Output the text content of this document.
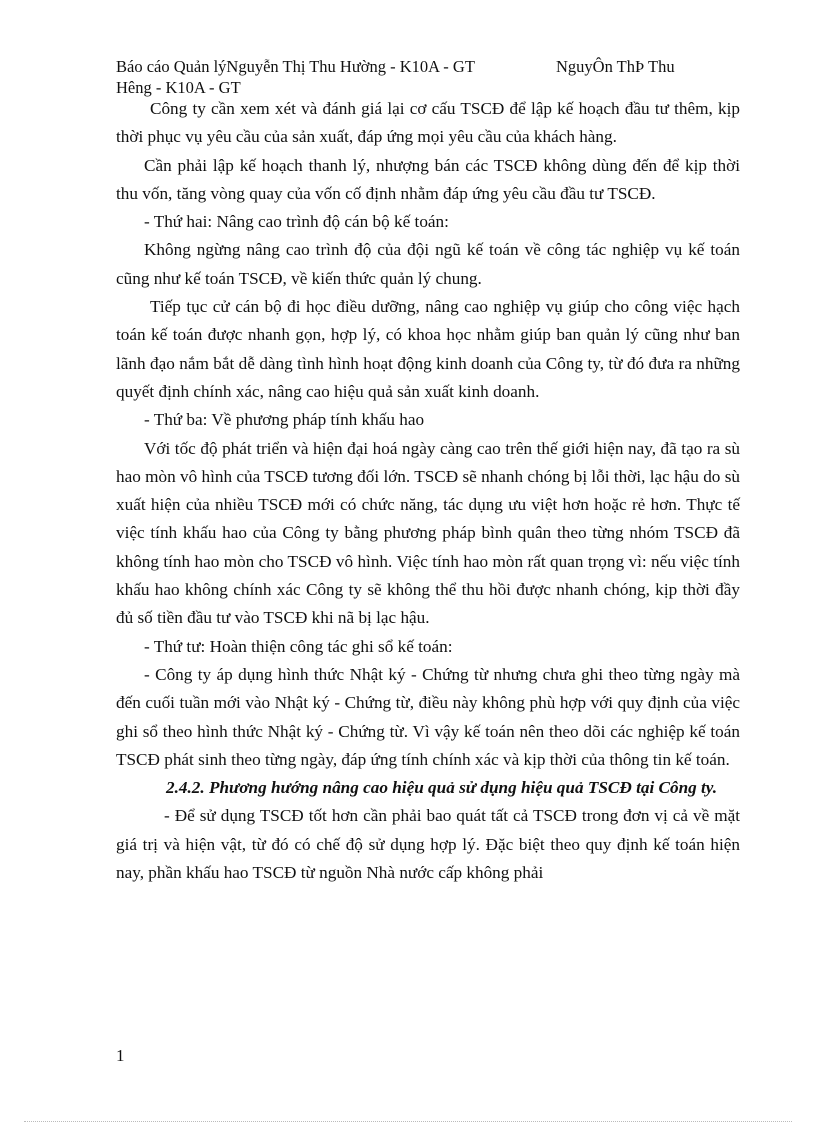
Báo cáo Quản lýNguyễn Thị Thu Hường - K10A - GT	NguyÔn ThÞ Thu
Hêng - K10A - GT

Công ty cần xem xét và đánh giá lại cơ cấu TSCĐ để lập kế hoạch đầu tư thêm, kịp thời phục vụ yêu cầu của sản xuất, đáp ứng mọi yêu cầu của khách hàng.

Cần phải lập kế hoạch thanh lý, nhượng bán các TSCĐ không dùng đến để kịp thời thu vốn, tăng vòng quay của vốn cố định nhằm đáp ứng yêu cầu đầu tư TSCĐ.

- Thứ hai: Nâng cao trình độ cán bộ kế toán:

Không ngừng nâng cao trình độ của đội ngũ kế toán về công tác nghiệp vụ kế toán cũng như kế toán TSCĐ, về kiến thức quản lý chung.

Tiếp tục cử cán bộ đi học điều dưỡng, nâng cao nghiệp vụ giúp cho công việc hạch toán kế toán được nhanh gọn, hợp lý, có khoa học nhằm giúp ban quản lý cũng như ban lãnh đạo nắm bắt dễ dàng tình hình hoạt động kinh doanh của Công ty, từ đó đưa ra những quyết định chính xác, nâng cao hiệu quả sản xuất kinh doanh.

- Thứ ba: Về phương pháp tính khấu hao

Với tốc độ phát triển và hiện đại hoá ngày càng cao trên thế giới hiện nay, đã tạo ra sù hao mòn vô hình của TSCĐ tương đối lớn. TSCĐ sẽ nhanh chóng bị lỗi thời, lạc hậu do sù xuất hiện của nhiều TSCĐ mới có chức năng, tác dụng ưu việt hơn hoặc rẻ hơn. Thực tế việc tính khấu hao của Công ty bằng phương pháp bình quân theo từng nhóm TSCĐ đã không tính hao mòn cho TSCĐ vô hình. Việc tính hao mòn rất quan trọng vì: nếu việc tính khấu hao không chính xác Công ty sẽ không thể thu hồi được nhanh chóng, kịp thời đầy đủ số tiền đầu tư vào TSCĐ khi nã bị lạc hậu.

- Thứ tư: Hoàn thiện công tác ghi sổ kế toán:

- Công ty áp dụng hình thức Nhật ký - Chứng từ nhưng chưa ghi theo từng ngày mà đến cuối tuần mới vào Nhật ký - Chứng từ, điều này không phù hợp với quy định của việc ghi sổ theo hình thức Nhật ký - Chứng từ. Vì vậy kế toán nên theo dõi các nghiệp kế toán TSCĐ phát sinh theo từng ngày, đáp ứng tính chính xác và kịp thời của thông tin kế toán.

2.4.2. Phương hướng nâng cao hiệu quả sử dụng hiệu quả TSCĐ tại Công ty.

- Để sử dụng TSCĐ tốt hơn cần phải bao quát tất cả TSCĐ trong đơn vị cả về mặt giá trị và hiện vật, từ đó có chế độ sử dụng hợp lý. Đặc biệt theo quy định kế toán hiện nay, phần khấu hao TSCĐ từ nguồn Nhà nước cấp không phải

1
